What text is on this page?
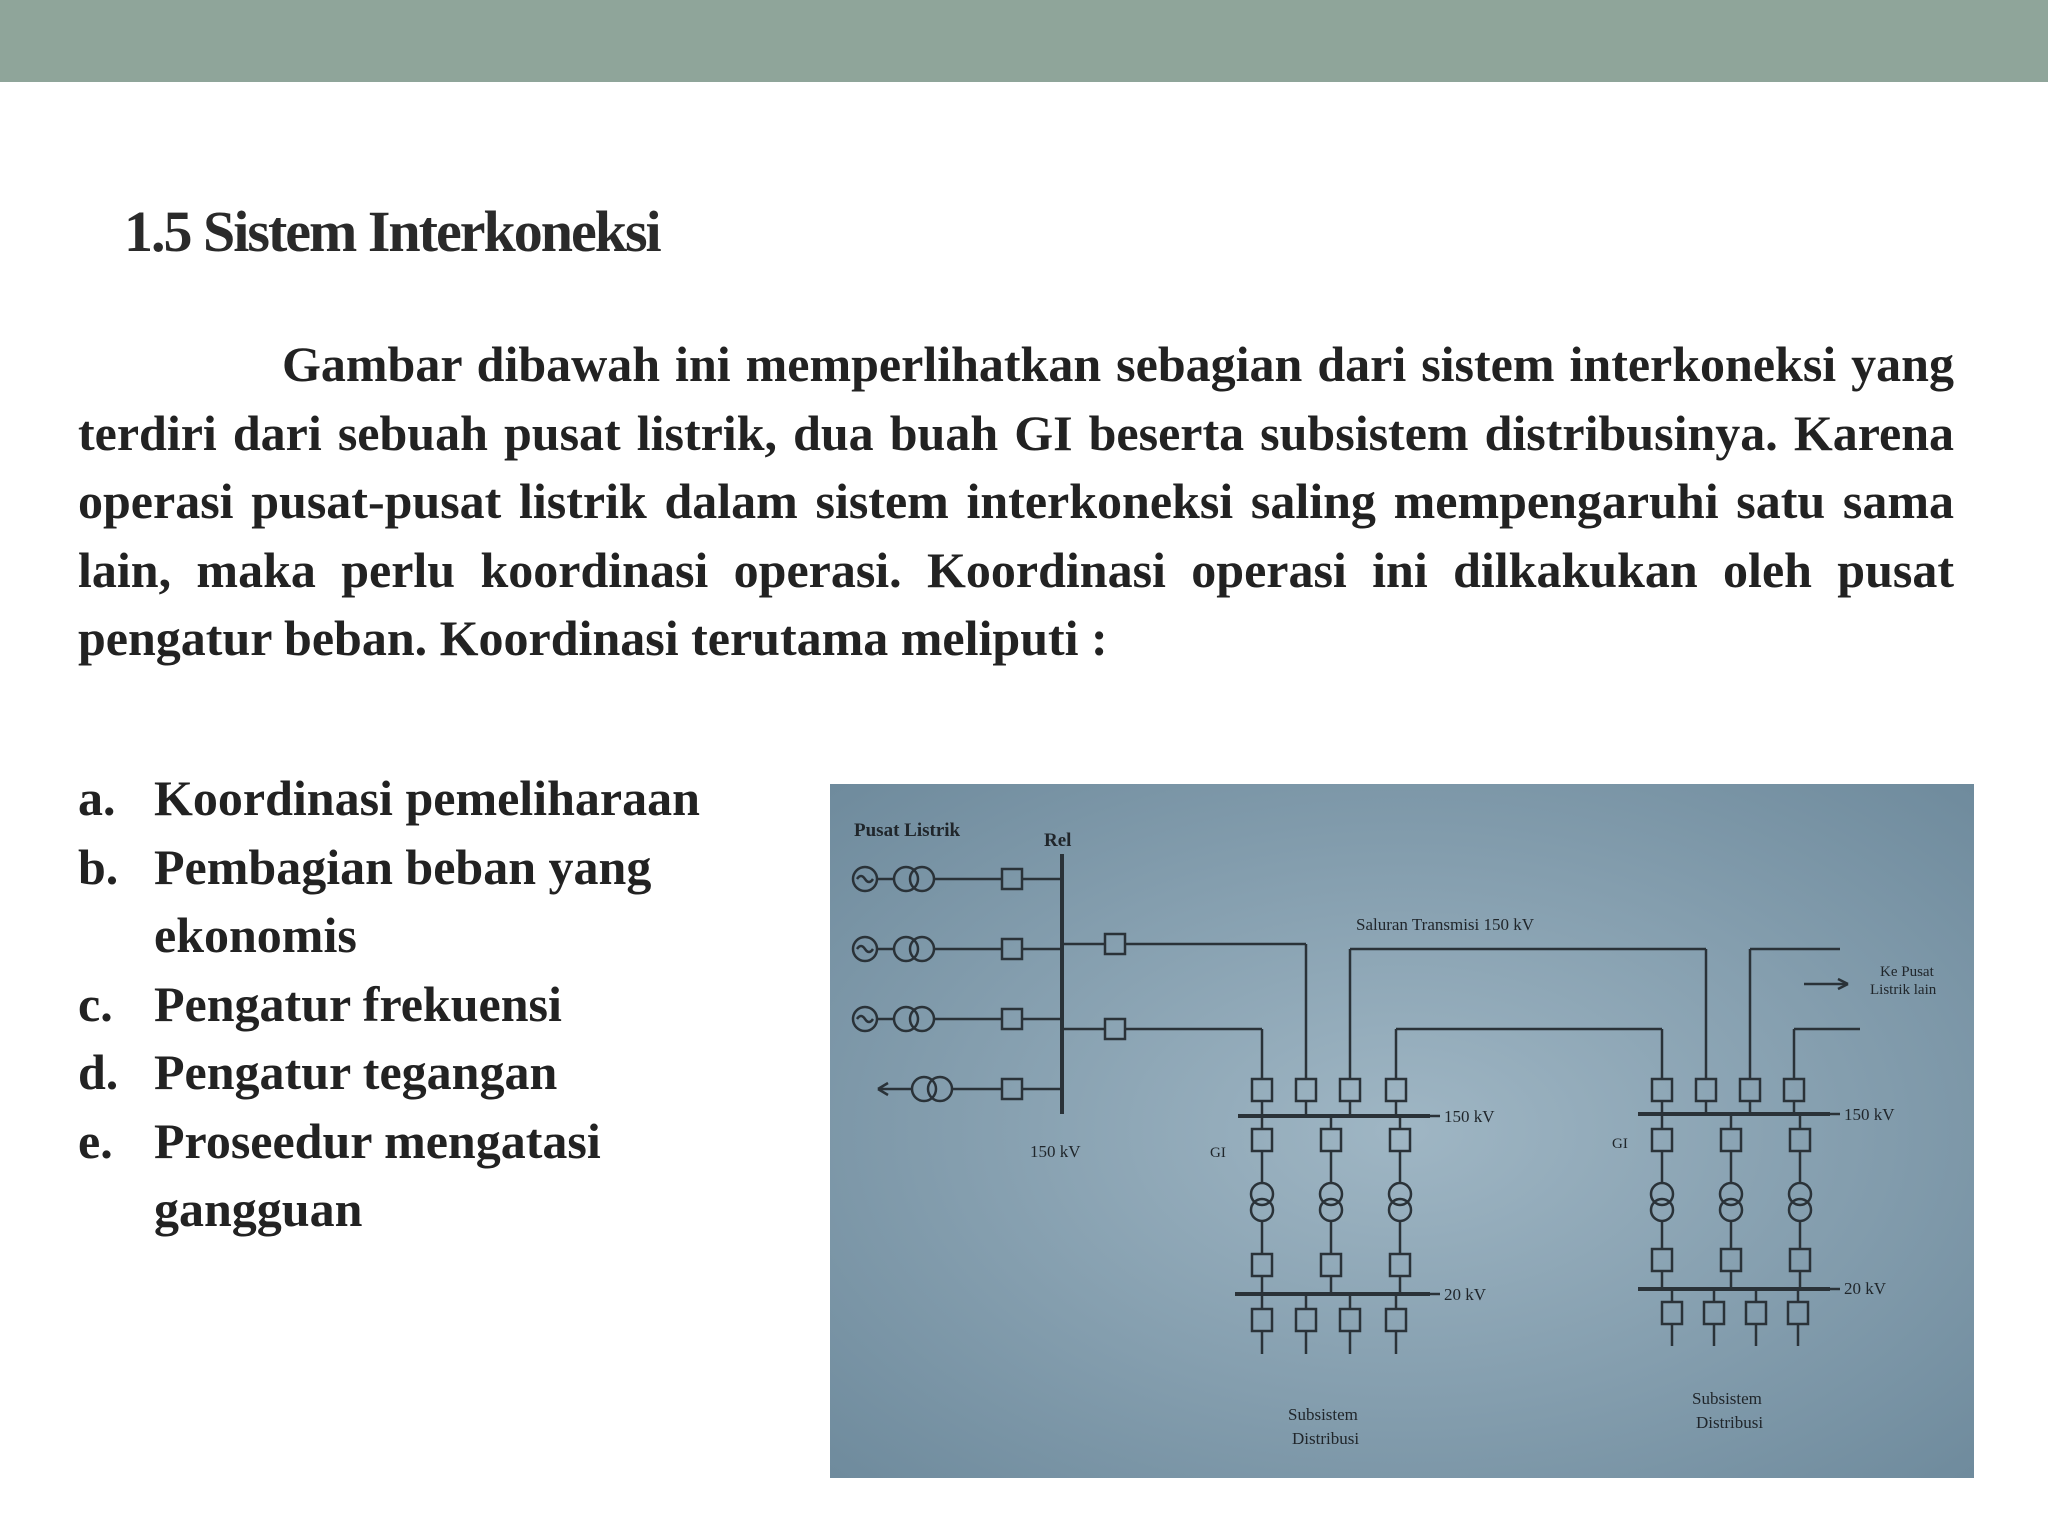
1.5 Sistem Interkoneksi

Gambar dibawah ini memperlihatkan sebagian dari sistem interkoneksi yang terdiri dari sebuah pusat listrik, dua buah GI beserta subsistem distribusinya. Karena operasi pusat-pusat listrik dalam sistem interkoneksi saling mempengaruhi satu sama lain, maka perlu koordinasi operasi. Koordinasi operasi ini dilkakukan oleh pusat pengatur beban. Koordinasi terutama meliputi :

a. Koordinasi pemeliharaan
b. Pembagian beban yang ekonomis
c. Pengatur frekuensi
d. Pengatur tegangan
e. Proseedur mengatasi gangguan
Pusat Listrik	Rel
Saluran Transmisi 150 kV
Ke Pusat
Listrik lain
150 kV	GI
150 kV
20 kV
GI
150 kV
20 kV
Subsistem
Distribusi
Subsistem
Distribusi
